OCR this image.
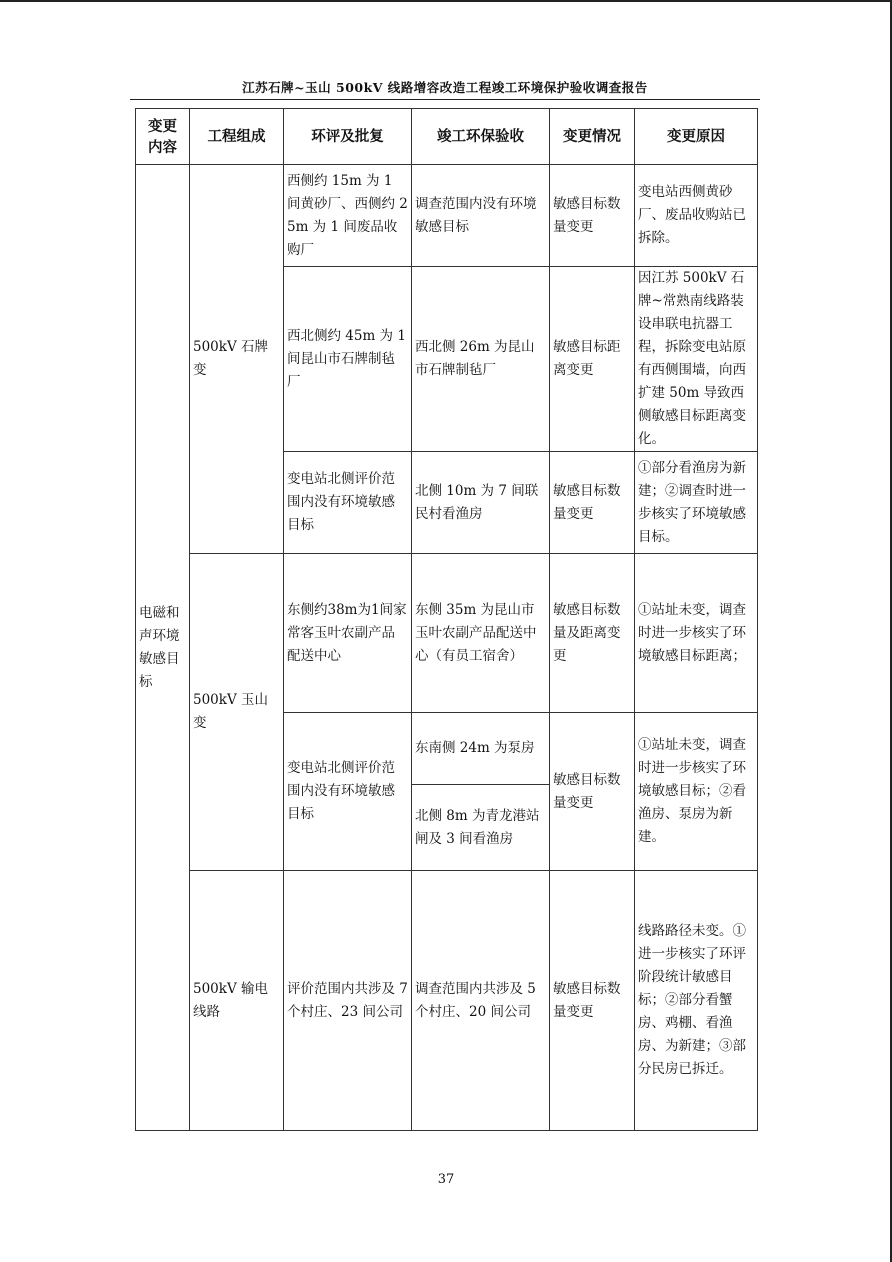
江苏石牌~玉山 500kV 线路增容改造工程竣工环境保护验收调查报告
变更内容	工程组成	环评及批复	竣工环保验收	变更情况	变更原因
电磁和声环境敏感目标	500kV 石牌变	西侧约 15m 为 1 间黄砂厂、西侧约 25m 为 1 间废品收购厂	调查范围内没有环境敏感目标	敏感目标数量变更	变电站西侧黄砂厂、废品收购站已拆除。
		西北侧约 45m 为 1 间昆山市石牌制毡厂	西北侧 26m 为昆山市石牌制毡厂	敏感目标距离变更	因江苏 500kV 石牌~常熟南线路装设串联电抗器工程，拆除变电站原有西侧围墙，向西扩建 50m 导致西侧敏感目标距离变化。
		变电站北侧评价范围内没有环境敏感目标	北侧 10m 为 7 间联民村看渔房	敏感目标数量变更	①部分看渔房为新建；②调查时进一步核实了环境敏感目标。
	500kV 玉山变	东侧约38m为1间家常客玉叶农副产品配送中心	东侧 35m 为昆山市玉叶农副产品配送中心（有员工宿舍）	敏感目标数量及距离变更	①站址未变，调查时进一步核实了环境敏感目标距离；
		变电站北侧评价范围内没有环境敏感目标	东南侧 24m 为泵房	敏感目标数量变更	①站址未变，调查时进一步核实了环境敏感目标；②看渔房、泵房为新建。
			北侧 8m 为青龙港站闸及 3 间看渔房		
	500kV 输电线路	评价范围内共涉及 7 个村庄、23 间公司	调查范围内共涉及 5 个村庄、20 间公司	敏感目标数量变更	线路路径未变。①进一步核实了环评阶段统计敏感目标；②部分看蟹房、鸡棚、看渔房、为新建；③部分民房已拆迁。
37
